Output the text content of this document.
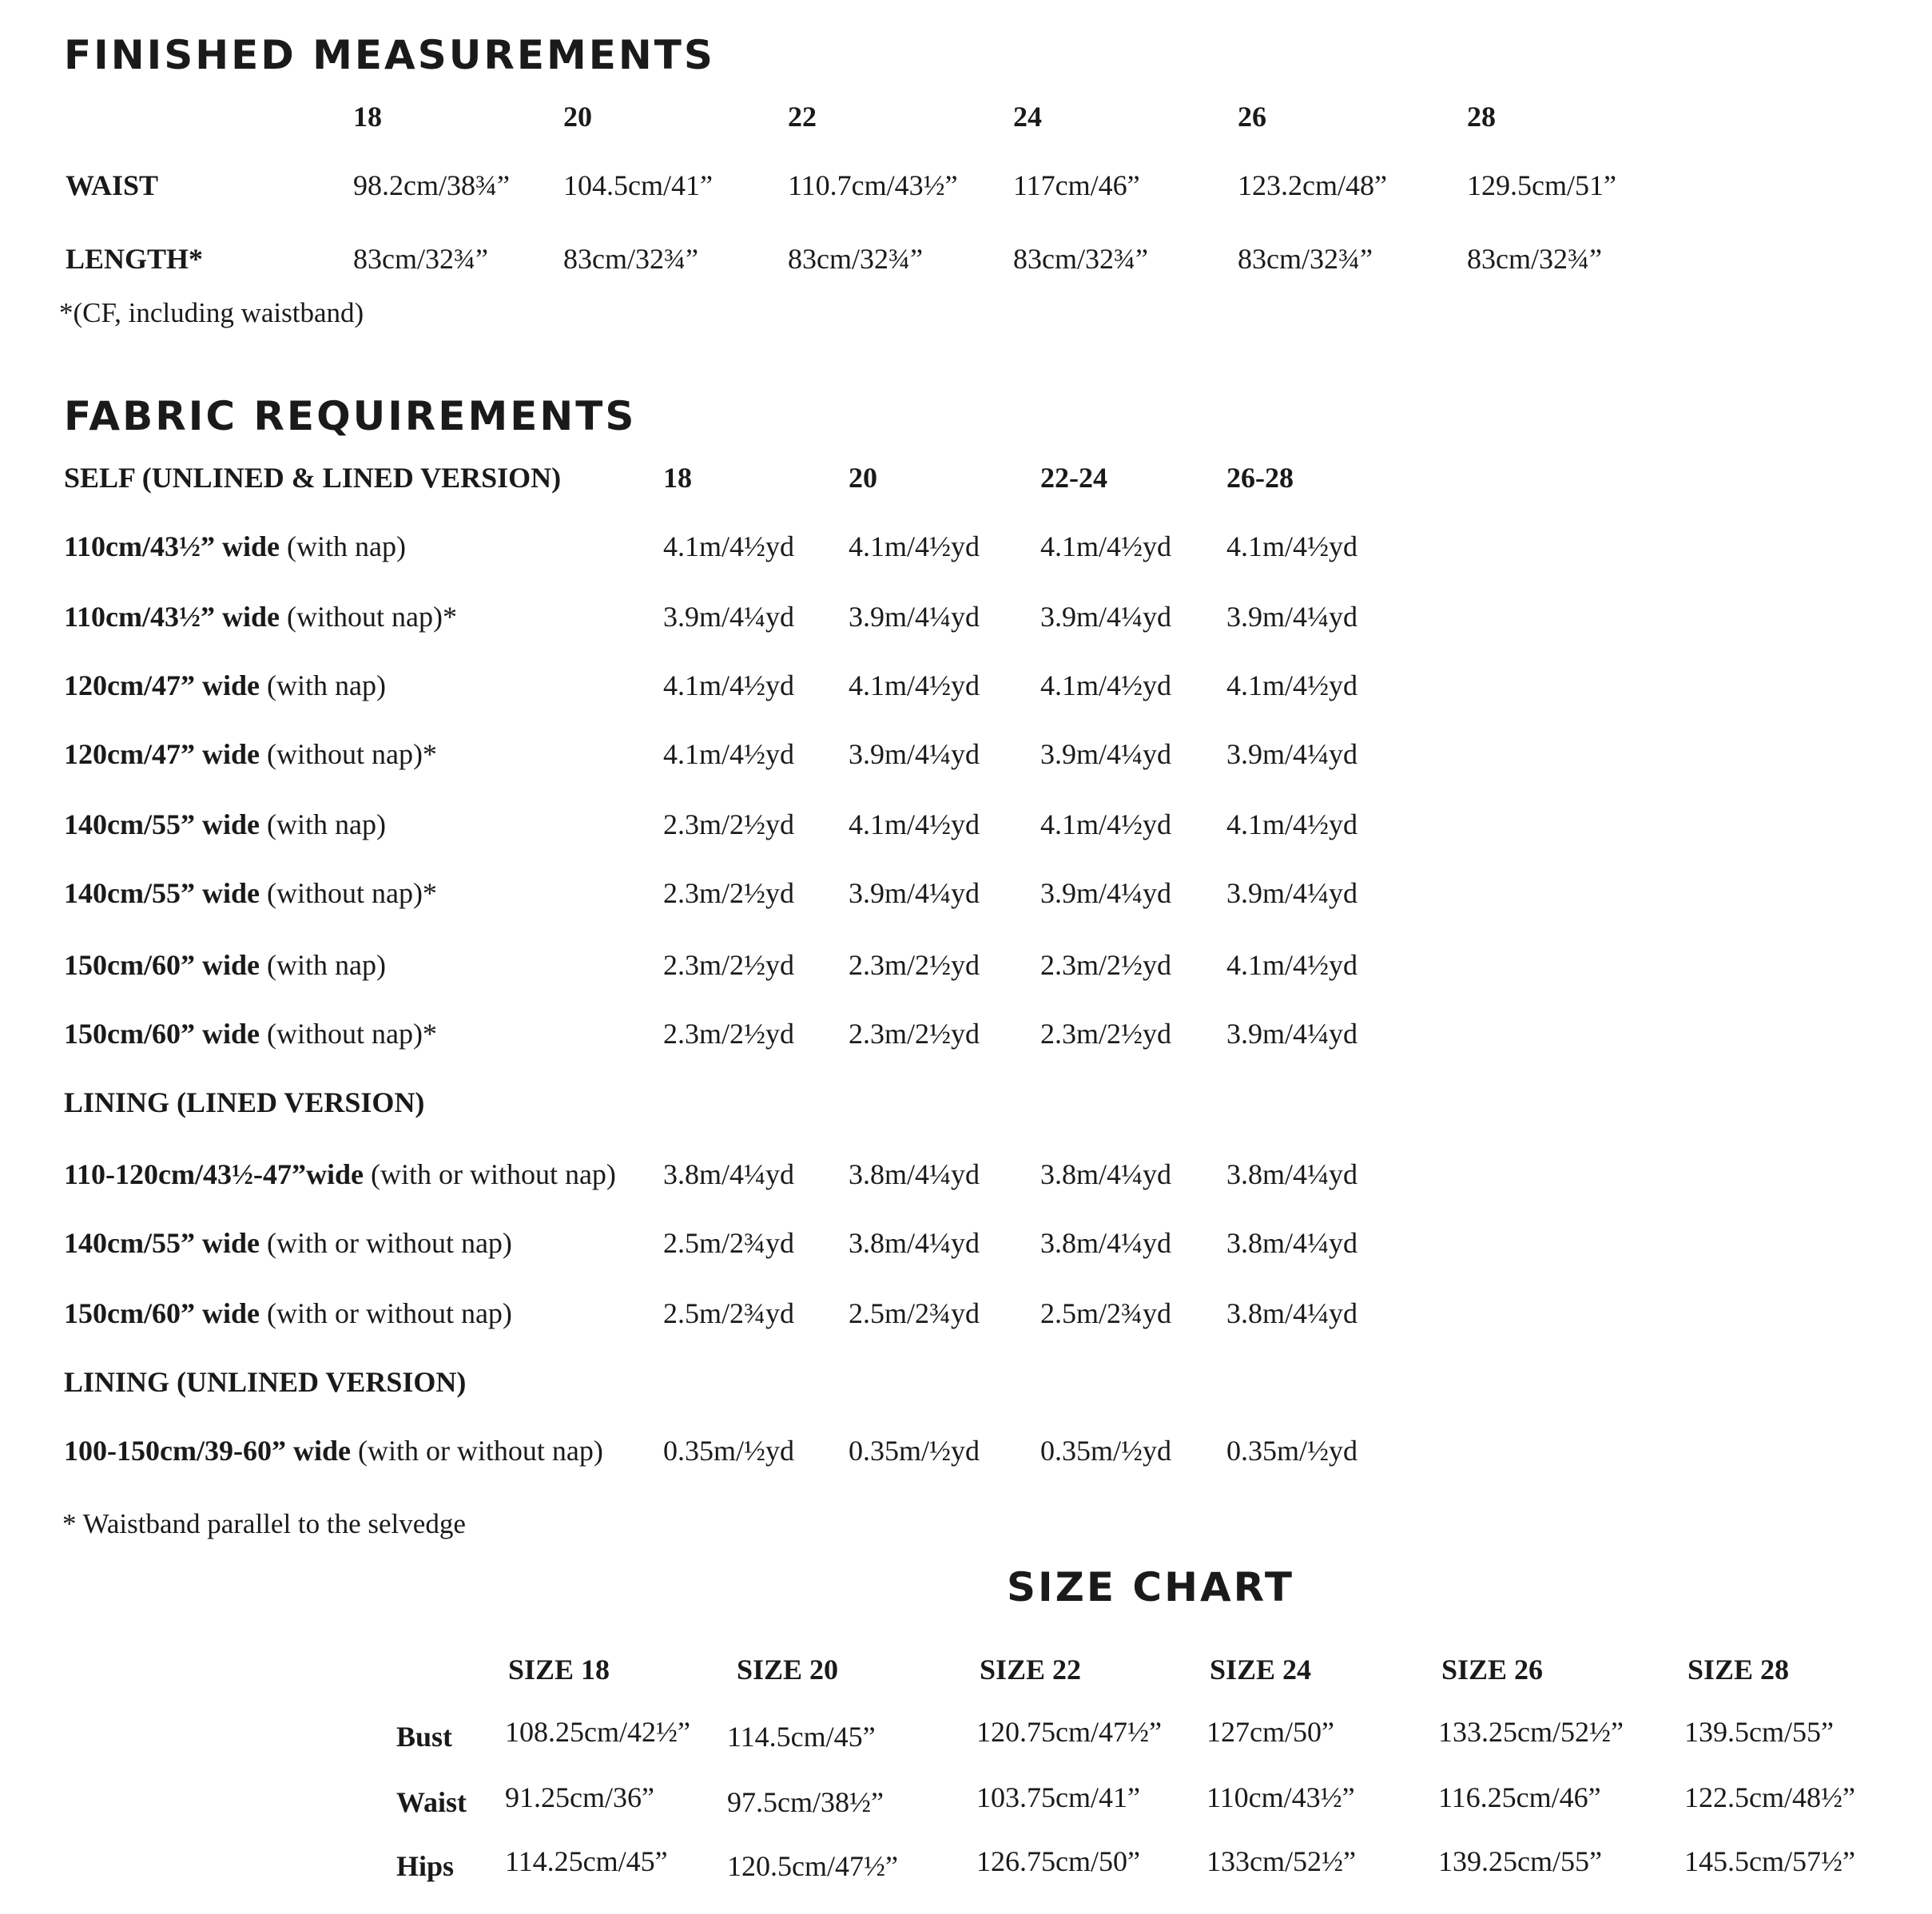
FINISHED MEASUREMENTS
18	20	22	24	26	28
WAIST	98.2cm/38¾” 104.5cm/41”	110.7cm/43½” 117cm/46”	123.2cm/48”	129.5cm/51”
LENGTH*	83cm/32¾”	83cm/32¾”	83cm/32¾”	83cm/32¾”	83cm/32¾”	83cm/32¾”
*(CF, including waistband)
FABRIC REQUIREMENTS
SELF (UNLINED & LINED VERSION)	18	20	22-24	26-28
110cm/43½” wide (with nap)	4.1m/4½yd 4.1m/4½yd 4.1m/4½yd 4.1m/4½yd
110cm/43½” wide (without nap)*	3.9m/4¼yd 3.9m/4¼yd 3.9m/4¼yd 3.9m/4¼yd
120cm/47” wide (with nap)	4.1m/4½yd 4.1m/4½yd 4.1m/4½yd 4.1m/4½yd
120cm/47” wide (without nap)*	4.1m/4½yd 3.9m/4¼yd 3.9m/4¼yd 3.9m/4¼yd
140cm/55” wide (with nap)	2.3m/2½yd 4.1m/4½yd 4.1m/4½yd 4.1m/4½yd
140cm/55” wide (without nap)*	2.3m/2½yd 3.9m/4¼yd 3.9m/4¼yd 3.9m/4¼yd
150cm/60” wide (with nap)	2.3m/2½yd 2.3m/2½yd 2.3m/2½yd 4.1m/4½yd
150cm/60” wide (without nap)*	2.3m/2½yd 2.3m/2½yd 2.3m/2½yd 3.9m/4¼yd
LINING (LINED VERSION)
110-120cm/43½-47”wide (with or without nap) 3.8m/4¼yd 3.8m/4¼yd 3.8m/4¼yd 3.8m/4¼yd
140cm/55” wide (with or without nap)	2.5m/2¾yd 3.8m/4¼yd 3.8m/4¼yd 3.8m/4¼yd
150cm/60” wide (with or without nap)	2.5m/2¾yd 2.5m/2¾yd 2.5m/2¾yd 3.8m/4¼yd
LINING (UNLINED VERSION)
100-150cm/39-60” wide (with or without nap) 0.35m/½yd 0.35m/½yd 0.35m/½yd 0.35m/½yd
* Waistband parallel to the selvedge
SIZE CHART
SIZE 18	SIZE 20	SIZE 22	SIZE 24	SIZE 26	SIZE 28
Bust 108.25cm/42½” 114.5cm/45”	120.75cm/47½” 127cm/50”	133.25cm/52½” 139.5cm/55”
Waist 91.25cm/36”	97.5cm/38½”	103.75cm/41” 110cm/43½”	116.25cm/46”	122.5cm/48½”
Hips 114.25cm/45” 120.5cm/47½”	126.75cm/50” 133cm/52½”	139.25cm/55”	145.5cm/57½”
